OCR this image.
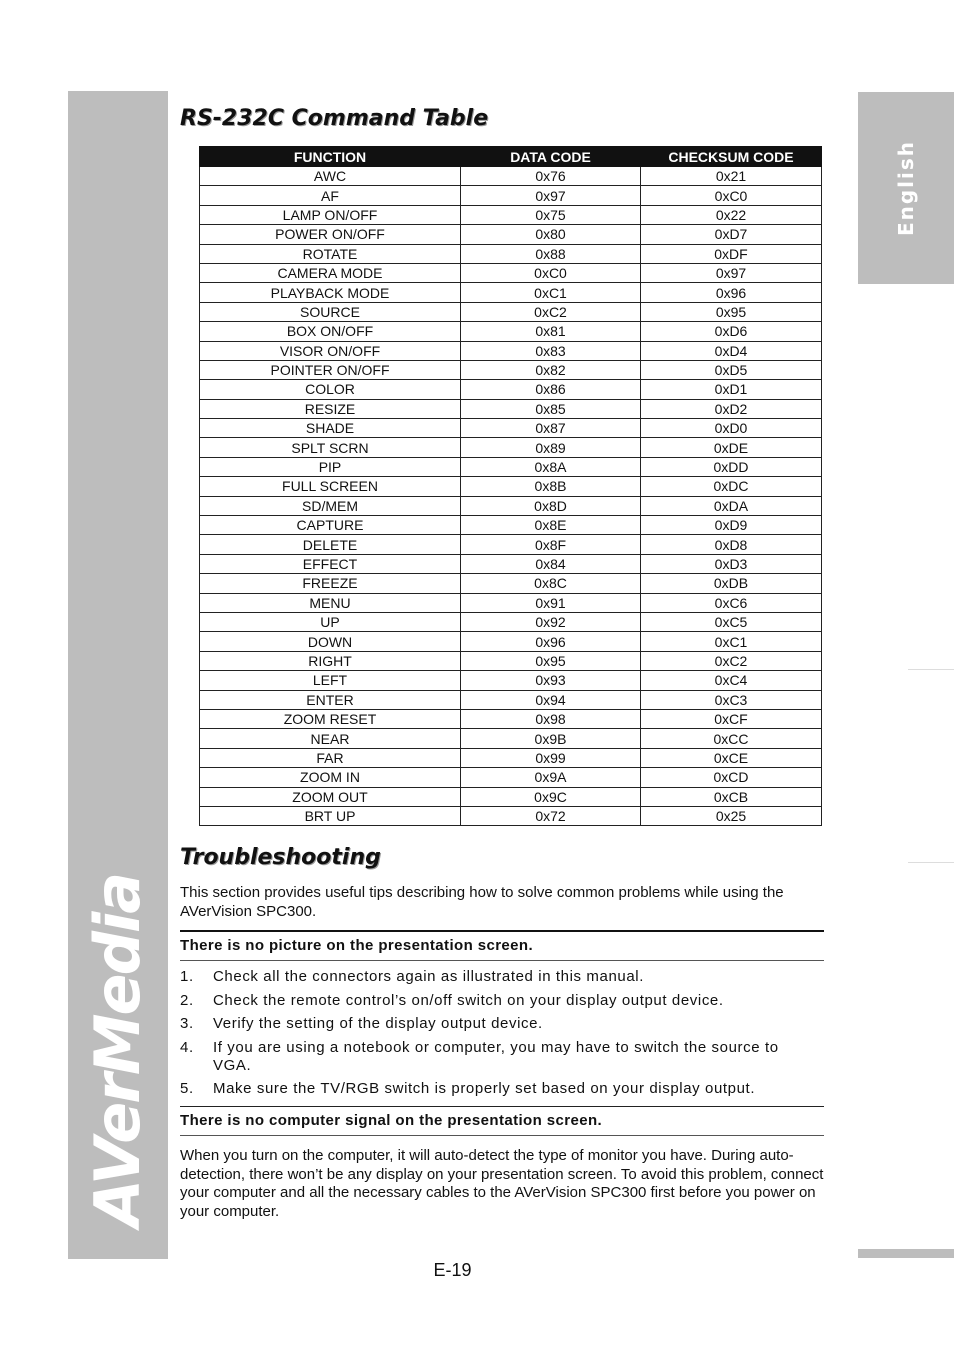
AVerMedia
English
RS-232C Command Table
FUNCTION	DATA CODE	CHECKSUM CODE
AWC	0x76	0x21
AF	0x97	0xC0
LAMP ON/OFF	0x75	0x22
POWER ON/OFF	0x80	0xD7
ROTATE	0x88	0xDF
CAMERA MODE	0xC0	0x97
PLAYBACK MODE	0xC1	0x96
SOURCE	0xC2	0x95
BOX ON/OFF	0x81	0xD6
VISOR ON/OFF	0x83	0xD4
POINTER ON/OFF	0x82	0xD5
COLOR	0x86	0xD1
RESIZE	0x85	0xD2
SHADE	0x87	0xD0
SPLT SCRN	0x89	0xDE
PIP	0x8A	0xDD
FULL SCREEN	0x8B	0xDC
SD/MEM	0x8D	0xDA
CAPTURE	0x8E	0xD9
DELETE	0x8F	0xD8
EFFECT	0x84	0xD3
FREEZE	0x8C	0xDB
MENU	0x91	0xC6
UP	0x92	0xC5
DOWN	0x96	0xC1
RIGHT	0x95	0xC2
LEFT	0x93	0xC4
ENTER	0x94	0xC3
ZOOM RESET	0x98	0xCF
NEAR	0x9B	0xCC
FAR	0x99	0xCE
ZOOM IN	0x9A	0xCD
ZOOM OUT	0x9C	0xCB
BRT UP	0x72	0x25
Troubleshooting

This section provides useful tips describing how to solve common problems while using the AVerVision SPC300.

There is no picture on the presentation screen.

1. Check all the connectors again as illustrated in this manual.
2. Check the remote control’s on/off switch on your display output device.
3. Verify the setting of the display output device.
4. If you are using a notebook or computer, you may have to switch the source to VGA.
5. Make sure the TV/RGB switch is properly set based on your display output.

There is no computer signal on the presentation screen.

When you turn on the computer, it will auto-detect the type of monitor you have. During auto-detection, there won’t be any display on your presentation screen. To avoid this problem, connect your computer and all the necessary cables to the AVerVision SPC300 first before you power on your computer.

E-19
